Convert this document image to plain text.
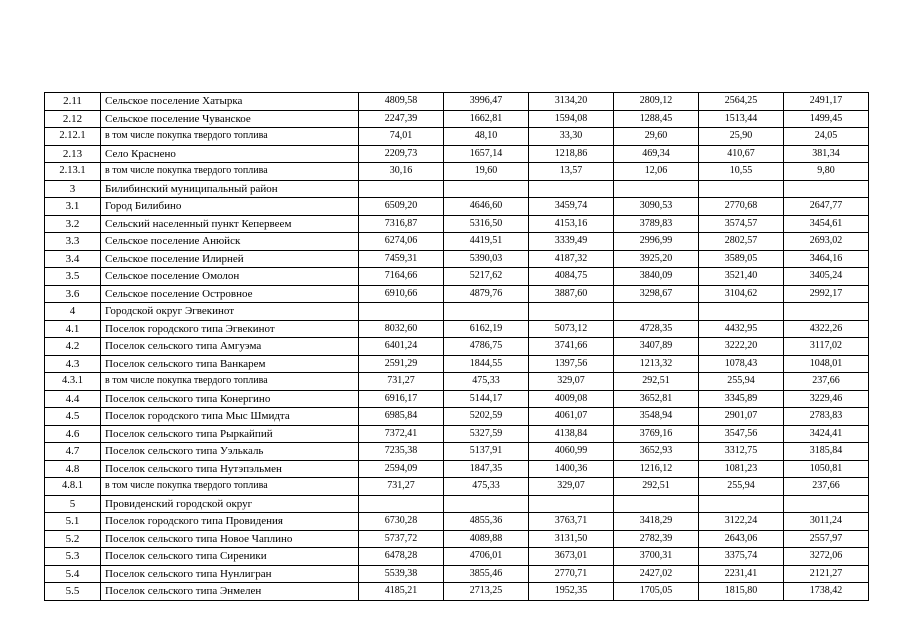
2.11	Сельское поселение Хатырка	4809,58	3996,47	3134,20	2809,12	2564,25	2491,17
2.12	Сельское поселение Чуванское	2247,39	1662,81	1594,08	1288,45	1513,44	1499,45
2.12.1	в том числе покупка твердого топлива	74,01	48,10	33,30	29,60	25,90	24,05
2.13	Село Краснено	2209,73	1657,14	1218,86	469,34	410,67	381,34
2.13.1	в том числе покупка твердого топлива	30,16	19,60	13,57	12,06	10,55	9,80
3	Билибинский муниципальный район						
3.1	Город Билибино	6509,20	4646,60	3459,74	3090,53	2770,68	2647,77
3.2	Сельский населенный пункт Кепервеем	7316,87	5316,50	4153,16	3789,83	3574,57	3454,61
3.3	Сельское поселение Анюйск	6274,06	4419,51	3339,49	2996,99	2802,57	2693,02
3.4	Сельское поселение Илирней	7459,31	5390,03	4187,32	3925,20	3589,05	3464,16
3.5	Сельское поселение Омолон	7164,66	5217,62	4084,75	3840,09	3521,40	3405,24
3.6	Сельское поселение Островное	6910,66	4879,76	3887,60	3298,67	3104,62	2992,17
4	Городской округ Эгвекинот						
4.1	Поселок городского типа Эгвекинот	8032,60	6162,19	5073,12	4728,35	4432,95	4322,26
4.2	Поселок сельского типа Амгуэма	6401,24	4786,75	3741,66	3407,89	3222,20	3117,02
4.3	Поселок сельского типа Ванкарем	2591,29	1844,55	1397,56	1213,32	1078,43	1048,01
4.3.1	в том числе покупка твердого топлива	731,27	475,33	329,07	292,51	255,94	237,66
4.4	Поселок сельского типа Конергино	6916,17	5144,17	4009,08	3652,81	3345,89	3229,46
4.5	Поселок городского типа Мыс Шмидта	6985,84	5202,59	4061,07	3548,94	2901,07	2783,83
4.6	Поселок сельского типа Рыркайпий	7372,41	5327,59	4138,84	3769,16	3547,56	3424,41
4.7	Поселок сельского типа Уэлькаль	7235,38	5137,91	4060,99	3652,93	3312,75	3185,84
4.8	Поселок сельского типа Нутэпэльмен	2594,09	1847,35	1400,36	1216,12	1081,23	1050,81
4.8.1	в том числе покупка твердого топлива	731,27	475,33	329,07	292,51	255,94	237,66
5	Провиденский городской округ						
5.1	Поселок городского типа Провидения	6730,28	4855,36	3763,71	3418,29	3122,24	3011,24
5.2	Поселок сельского типа Новое Чаплино	5737,72	4089,88	3131,50	2782,39	2643,06	2557,97
5.3	Поселок сельского типа Сиреники	6478,28	4706,01	3673,01	3700,31	3375,74	3272,06
5.4	Поселок сельского типа Нунлигран	5539,38	3855,46	2770,71	2427,02	2231,41	2121,27
5.5	Поселок сельского типа Энмелен	4185,21	2713,25	1952,35	1705,05	1815,80	1738,42
